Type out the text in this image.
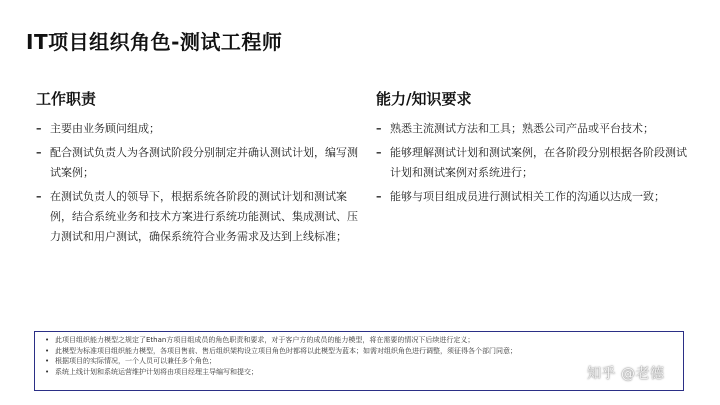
IT项目组织角色-测试工程师
工作职责
– 主要由业务顾问组成；
– 配合测试负责人为各测试阶段分别制定并确认测试计划，编写测试案例；
– 在测试负责人的领导下，根据系统各阶段的测试计划和测试案例，结合系统业务和技术方案进行系统功能测试、集成测试、压力测试和用户测试，确保系统符合业务需求及达到上线标准；
能力/知识要求
– 熟悉主流测试方法和工具；熟悉公司产品或平台技术；
– 能够理解测试计划和测试案例，在各阶段分别根据各阶段测试计划和测试案例对系统进行；
– 能够与项目组成员进行测试相关工作的沟通以达成一致；
• 此项目组织能力模型之规定了Ethan方项目组成员的角色职责和要求，对于客户方的成员的能力模型，将在需要的情况下后续进行定义；
• 此模型为标准项目组织能力模型，各项目售前、售后组织架构设立项目角色时都将以此模型为蓝本；如需对组织角色进行调整，须征得各个部门同意；
• 根据项目的实际情况，一个人员可以兼任多个角色；
• 系统上线计划和系统运营维护计划将由项目经理主导编写和提交；	知乎 @老德
